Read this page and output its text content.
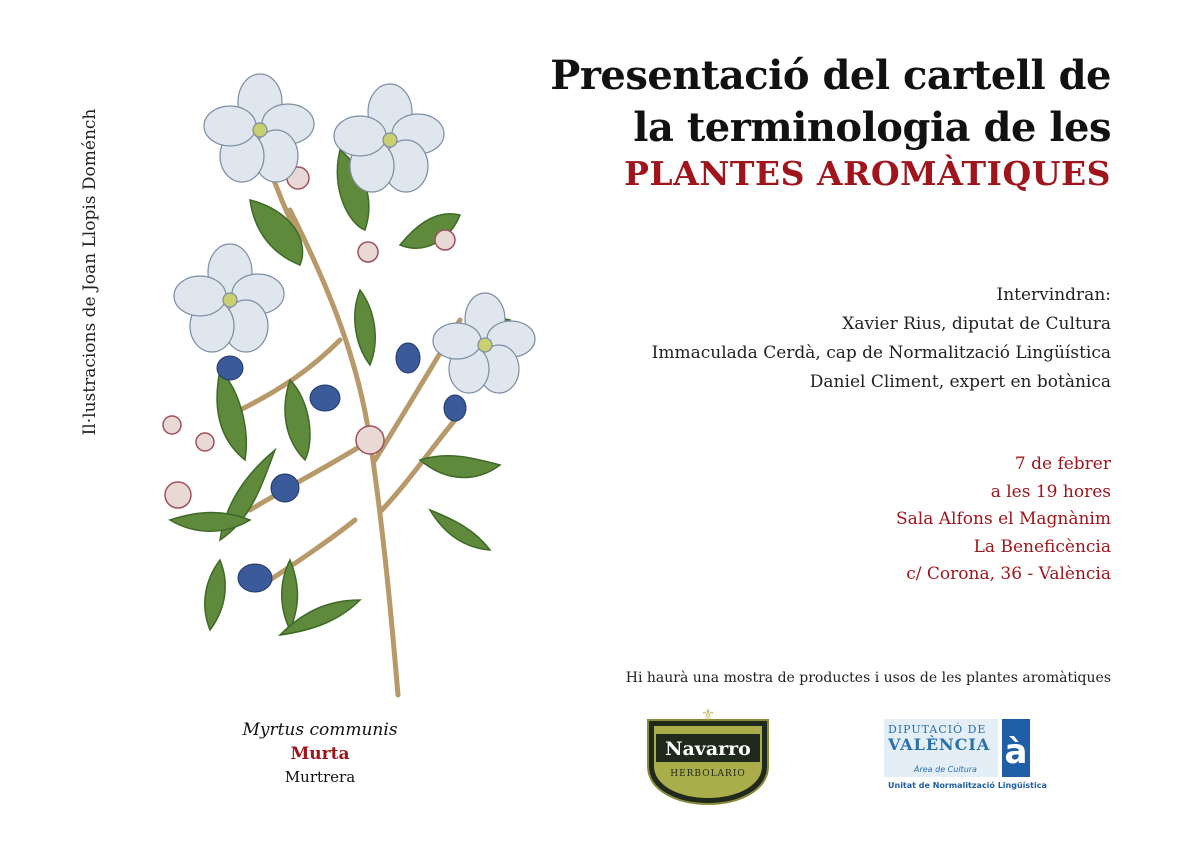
Il·lustracions de Joan Llopis Doménch
Myrtus communis
Murta
Murtrera
Presentació del cartell de
la terminologia de les
PLANTES AROMÀTIQUES
Intervindran:
Xavier Rius, diputat de Cultura
Immaculada Cerdà, cap de Normalització Lingüística
Daniel Climent, expert en botànica
7 de febrer
a les 19 hores
Sala Alfons el Magnànim
La Beneficència
c/ Corona, 36 - València
Hi haurà una mostra de productes i usos de les plantes aromàtiques
⚜
Navarro
HERBOLARIO
DIPUTACIÓ DE
VALÈNCIA
Àrea de Cultura à
Unitat de Normalització Lingüística
